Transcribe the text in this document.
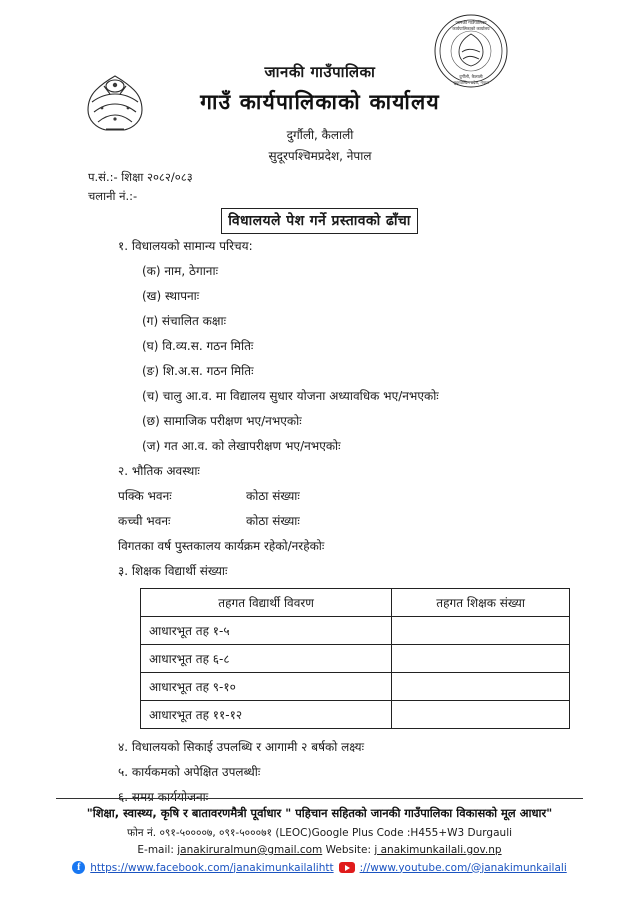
जानकी गाउँपालिका
कार्यपालिकाको कार्यालय
दुर्गौली, कैलाली
सुदूरपश्चिम प्रदेश, नेपाल
जानकी गाउँपालिका
गाउँ कार्यपालिकाको कार्यालय
दुर्गौली, कैलाली
सुदूरपश्चिमप्रदेश, नेपाल
प.सं.:- शिक्षा २०८२/०८३
चलानी नं.:-
विधालयले पेश गर्ने प्रस्तावको ढाँचा
१. विधालयको सामान्य परिचय:
(क) नाम, ठेगानाः
(ख) स्थापनाः
(ग) संचालित कक्षाः
(घ) वि.व्य.स. गठन मितिः
(ङ) शि.अ.स. गठन मितिः
(च) चालु आ.व. मा विद्यालय सुधार योजना अध्यावधिक भए/नभएकोः
(छ) सामाजिक परीक्षण भए/नभएकोः
(ज) गत आ.व. को लेखापरीक्षण भए/नभएकोः
२. भौतिक अवस्थाः
पक्कि भवनः	कोठा संख्याः
कच्ची भवनः	कोठा संख्याः
विगतका वर्ष पुस्तकालय कार्यक्रम रहेको/नरहेकोः
३. शिक्षक विद्यार्थी संख्याः
तहगत विद्यार्थी विवरण	तहगत शिक्षक संख्या
आधारभूत तह १-५	
आधारभूत तह ६-८	
आधारभूत तह ९-१०	
आधारभूत तह ११-१२	
४. विधालयको सिकाई उपलब्धि र आगामी २ बर्षको लक्ष्यः
५. कार्यकमको अपेक्षित उपलब्धीः
६. समग्र कार्ययोजनाः
"शिक्षा, स्वास्थ्य, कृषि र बातावरणमैत्री पूर्वाधार " पहिचान सहितको जानकी गाउँपालिका विकासको मूल आधार"
फोन नं. ०९१-५००००७, ०९१-५०००७१ (LEOC)Google Plus Code :H455+W3 Durgauli
E-mail: janakiruralmun@gmail.com Website: j anakimunkailali.gov.np
f https://www.facebook.com/janakimunkailalihtt ://www.youtube.com/@janakimunkailali
